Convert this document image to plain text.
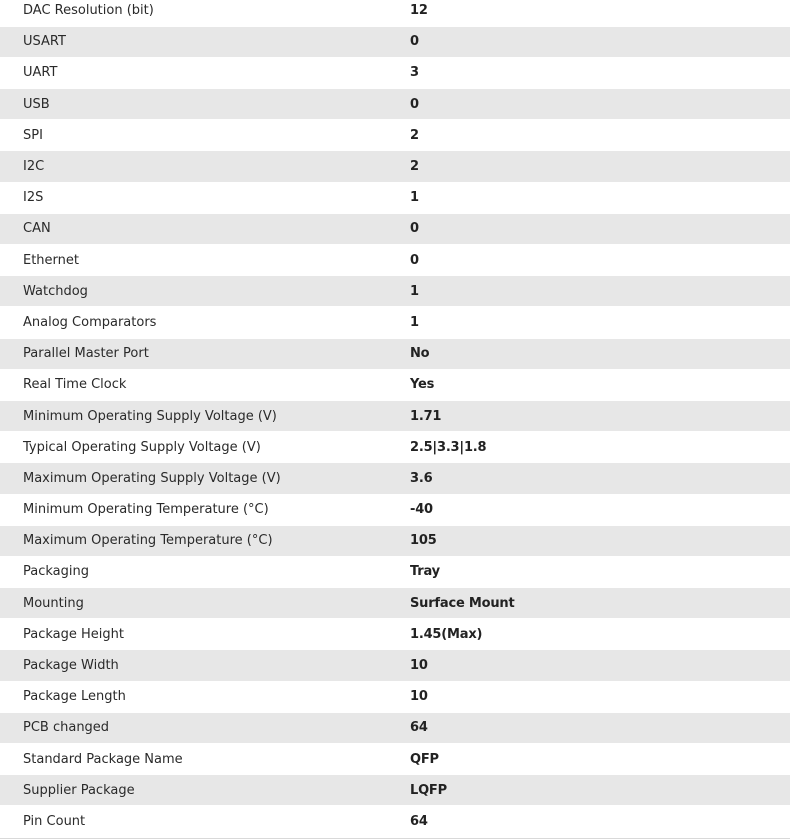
DAC Resolution (bit)	12
USART	0
UART	3
USB	0
SPI	2
I2C	2
I2S	1
CAN	0
Ethernet	0
Watchdog	1
Analog Comparators	1
Parallel Master Port	No
Real Time Clock	Yes
Minimum Operating Supply Voltage (V)	1.71
Typical Operating Supply Voltage (V)	2.5|3.3|1.8
Maximum Operating Supply Voltage (V)	3.6
Minimum Operating Temperature (°C)	-40
Maximum Operating Temperature (°C)	105
Packaging	Tray
Mounting	Surface Mount
Package Height	1.45(Max)
Package Width	10
Package Length	10
PCB changed	64
Standard Package Name	QFP
Supplier Package	LQFP
Pin Count	64
